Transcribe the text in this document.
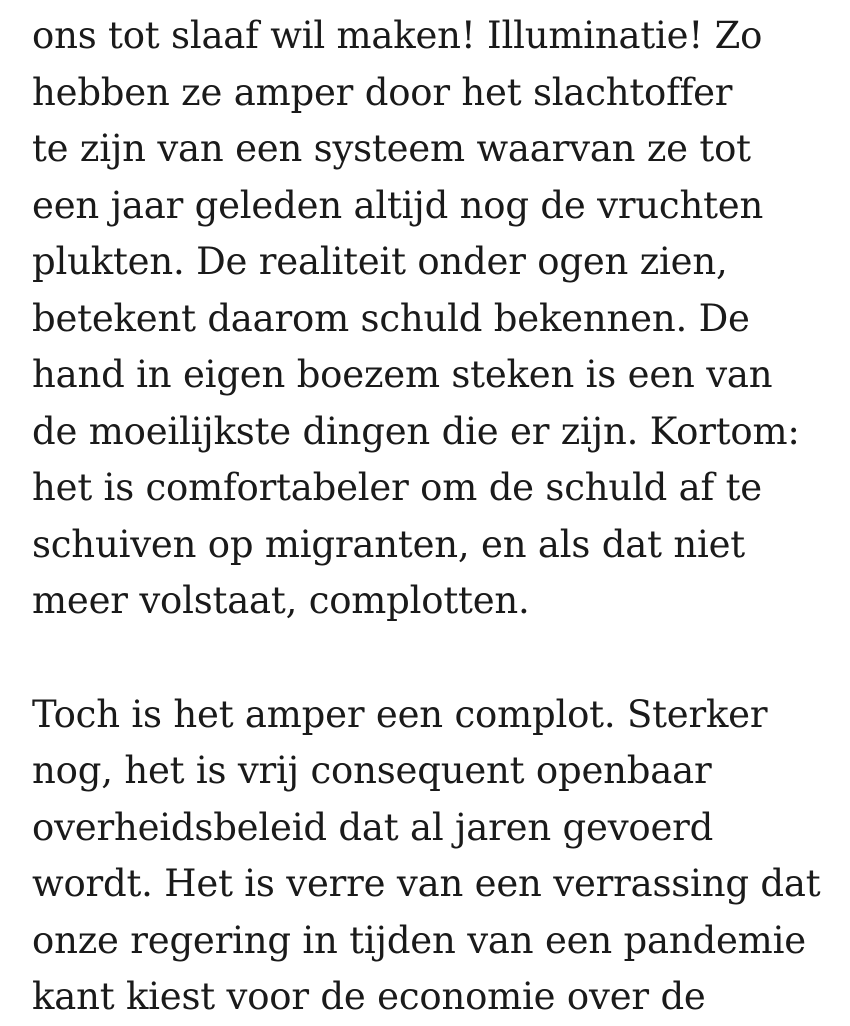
ons tot slaaf wil maken! Illuminatie! Zo
hebben ze amper door het slachtoffer
te zijn van een systeem waarvan ze tot
een jaar geleden altijd nog de vruchten
plukten. De realiteit onder ogen zien,
betekent daarom schuld bekennen. De
hand in eigen boezem steken is een van
de moeilijkste dingen die er zijn. Kortom:
het is comfortabeler om de schuld af te
schuiven op migranten, en als dat niet
meer volstaat, complotten.

Toch is het amper een complot. Sterker
nog, het is vrij consequent openbaar
overheidsbeleid dat al jaren gevoerd
wordt. Het is verre van een verrassing dat
onze regering in tijden van een pandemie
kant kiest voor de economie over de
